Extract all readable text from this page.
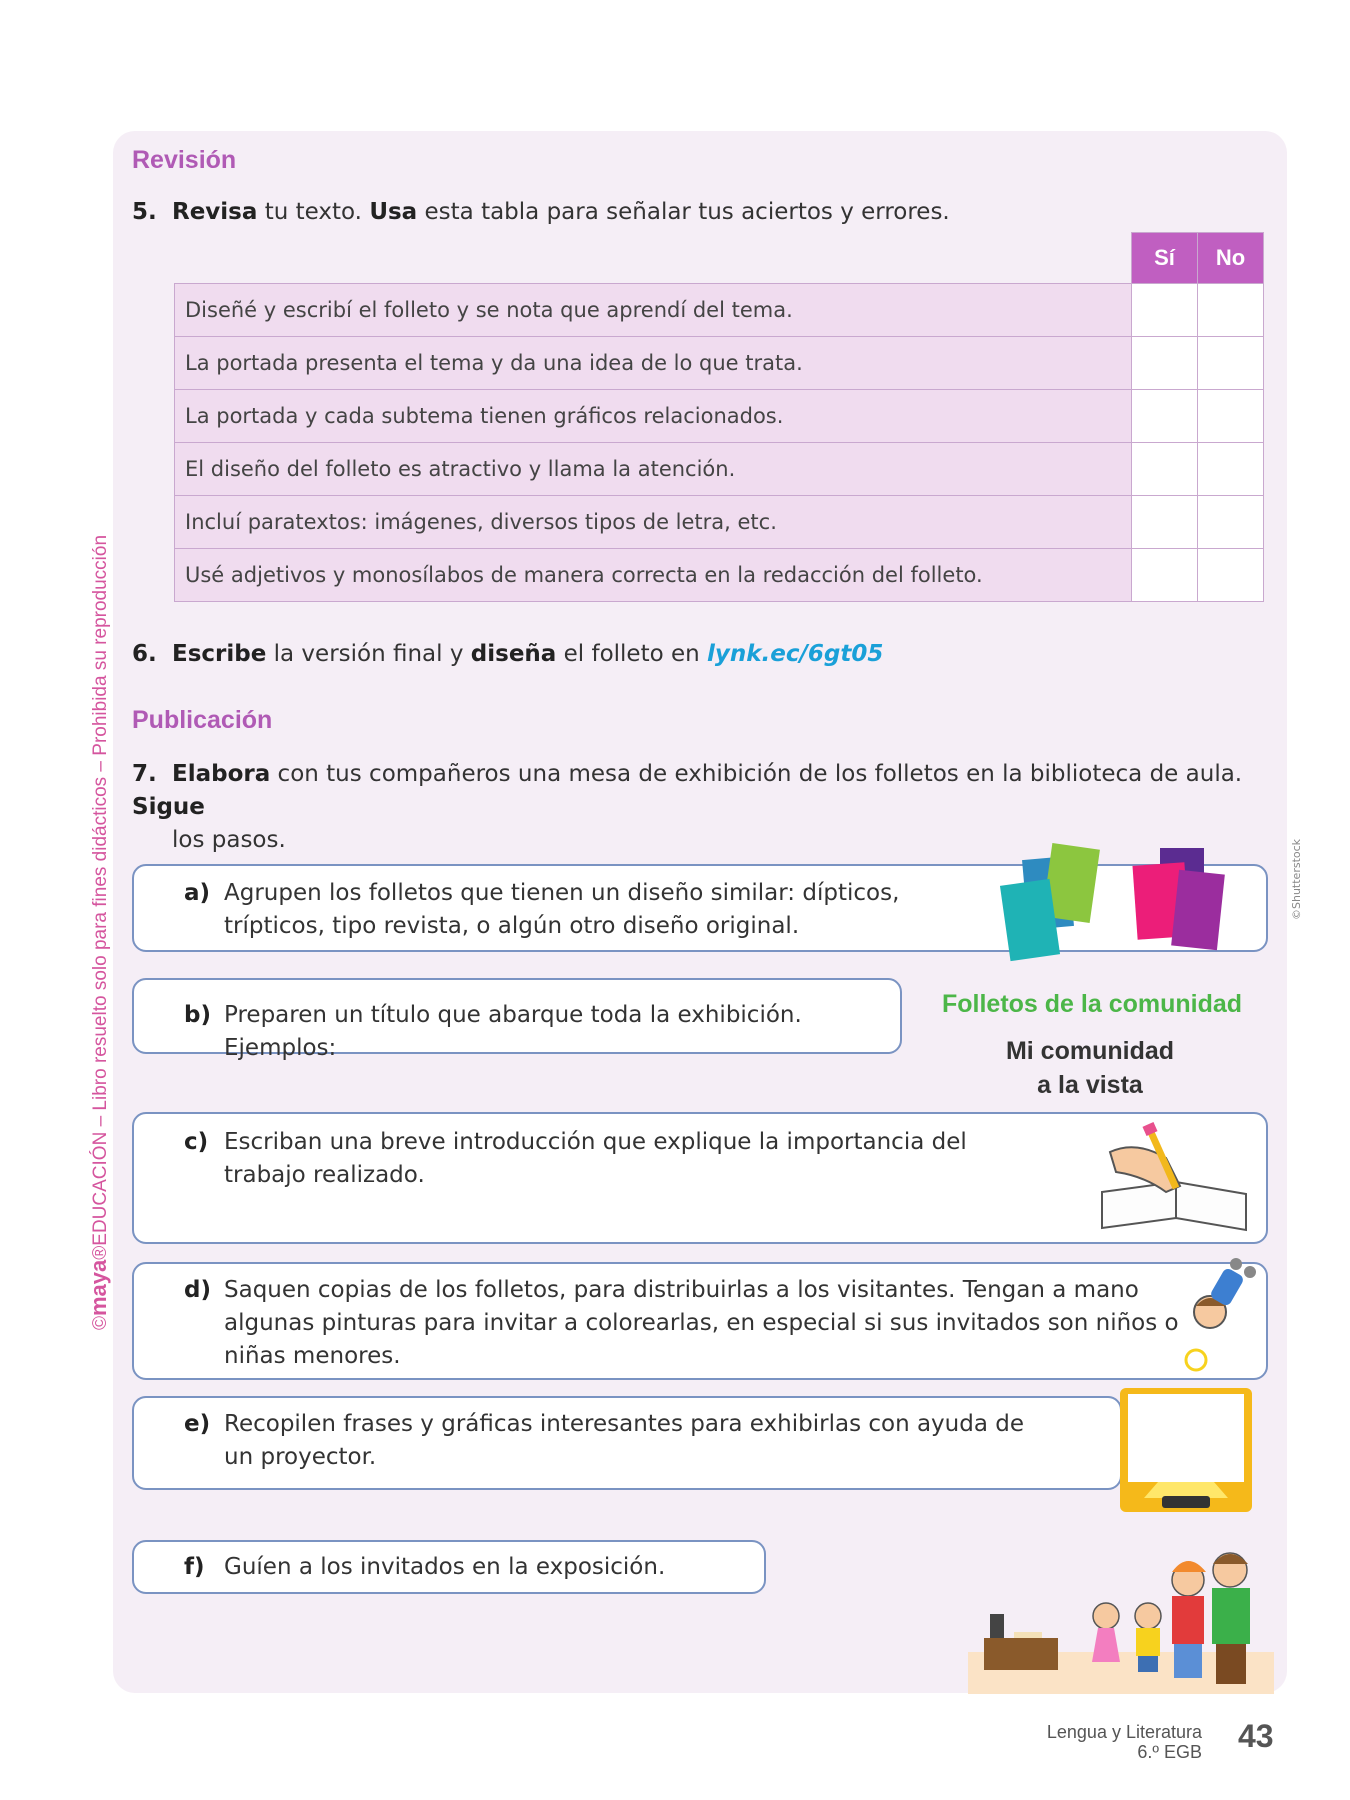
©maya®EDUCACIÓN – Libro resuelto solo para fines didácticos – Prohibida su reproducción	©Shutterstock
Revisión
5. Revisa tu texto. Usa esta tabla para señalar tus aciertos y errores.
	Sí	No
Diseñé y escribí el folleto y se nota que aprendí del tema.		
La portada presenta el tema y da una idea de lo que trata.		
La portada y cada subtema tienen gráficos relacionados.		
El diseño del folleto es atractivo y llama la atención.		
Incluí paratextos: imágenes, diversos tipos de letra, etc.		
Usé adjetivos y monosílabos de manera correcta en la redacción del folleto.		
6. Escribe la versión final y diseña el folleto en lynk.ec/6gt05
Publicación
7. Elabora con tus compañeros una mesa de exhibición de los folletos en la biblioteca de aula. Sigue
los pasos.
a) Agrupen los folletos que tienen un diseño similar: dípticos, trípticos, tipo revista, o algún otro diseño original.
b) Preparen un título que abarque toda la exhibición. Ejemplos:
Folletos de la comunidad
Mi comunidad
a la vista
c) Escriban una breve introducción que explique la importancia del trabajo realizado.
d) Saquen copias de los folletos, para distribuirlas a los visitantes. Tengan a mano algunas pinturas para invitar a colorearlas, en especial si sus invitados son niños o niñas menores.
e) Recopilen frases y gráficas interesantes para exhibirlas con ayuda de un proyector.
f) Guíen a los invitados en la exposición.
Lengua y Literatura
6.º EGB 43
